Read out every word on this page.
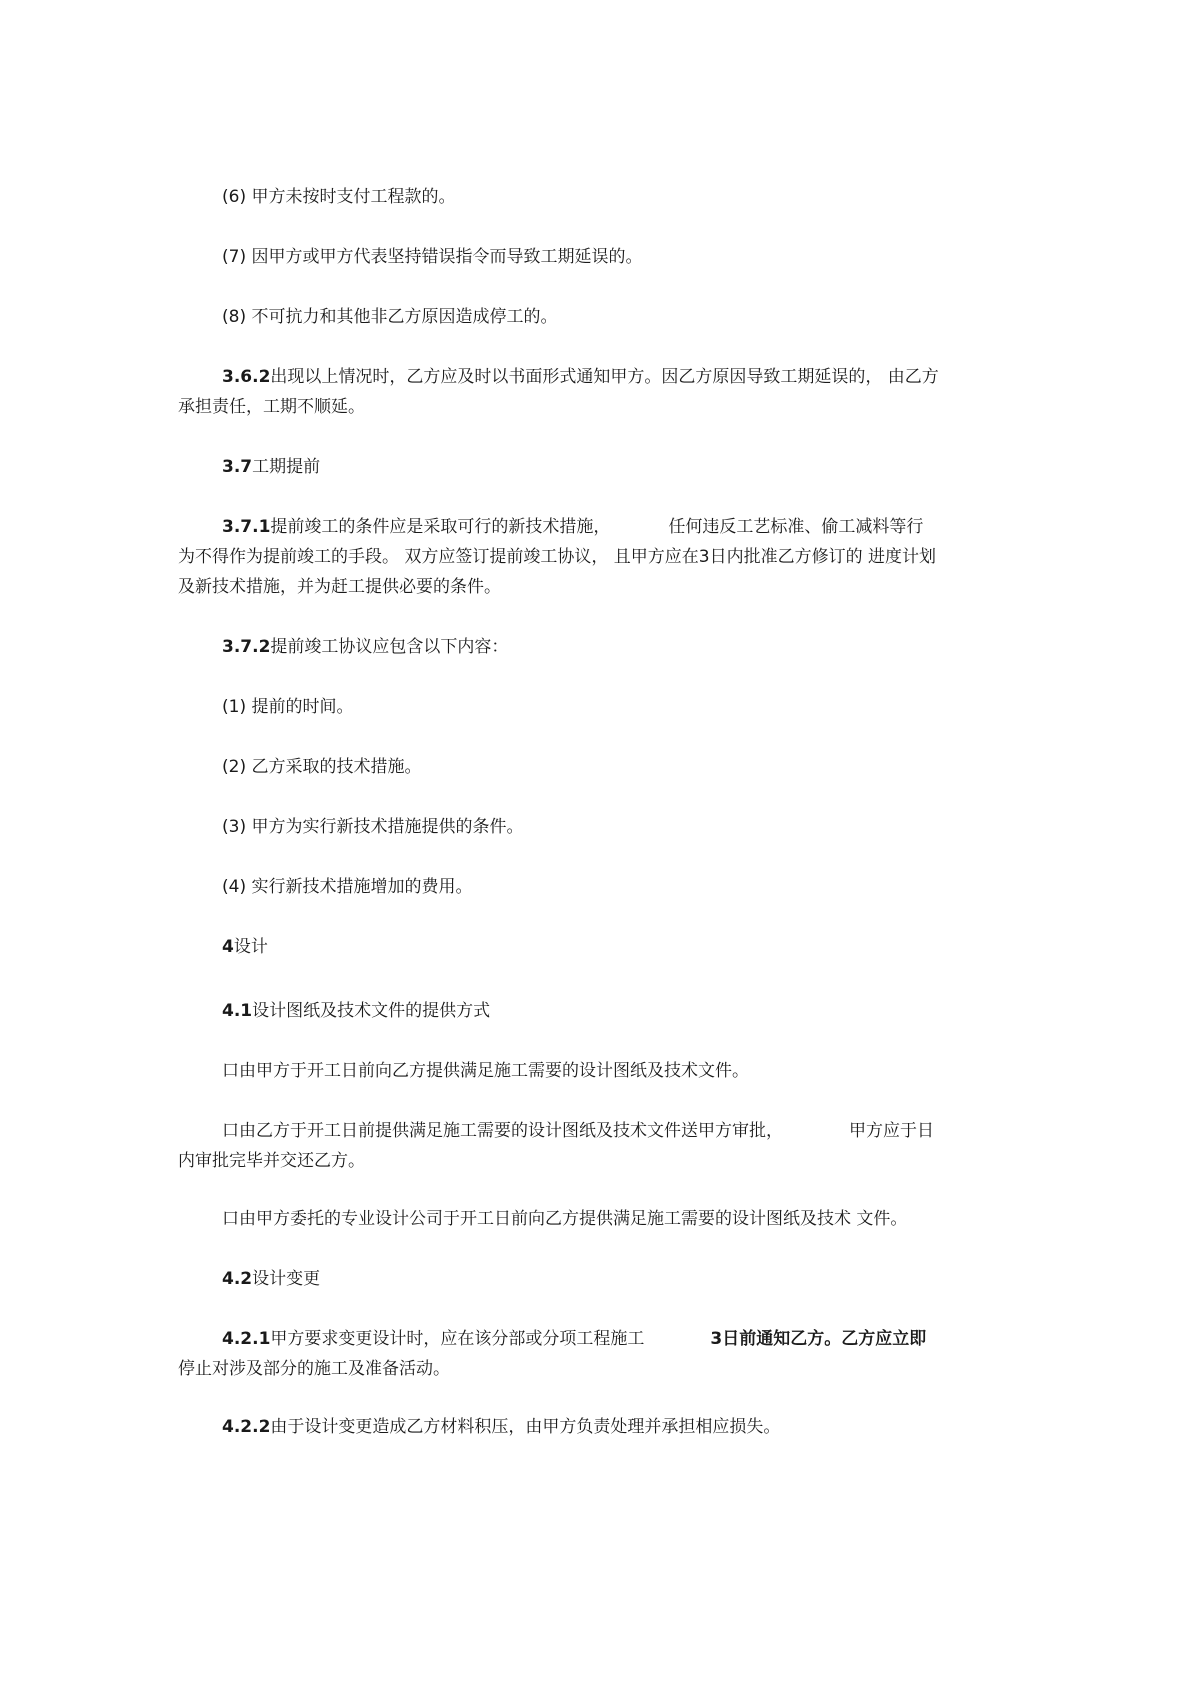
(6) 甲方未按时支付工程款的。
(7) 因甲方或甲方代表坚持错误指令而导致工期延误的。
(8) 不可抗力和其他非乙方原因造成停工的。
3.6.2出现以上情况时，乙方应及时以书面形式通知甲方。因乙方原因导致工期延误的， 由乙方
承担责任，工期不顺延。
3.7工期提前
3.7.1提前竣工的条件应是采取可行的新技术措施，	任何违反工艺标准、偷工减料等行
为不得作为提前竣工的手段。 双方应签订提前竣工协议， 且甲方应在3日内批准乙方修订的 进度计划
及新技术措施，并为赶工提供必要的条件。
3.7.2提前竣工协议应包含以下内容：
(1) 提前的时间。
(2) 乙方采取的技术措施。
(3) 甲方为实行新技术措施提供的条件。
(4) 实行新技术措施增加的费用。
4设计
4.1设计图纸及技术文件的提供方式
口由甲方于开工日前向乙方提供满足施工需要的设计图纸及技术文件。
口由乙方于开工日前提供满足施工需要的设计图纸及技术文件送甲方审批，	甲方应于日
内审批完毕并交还乙方。
口由甲方委托的专业设计公司于开工日前向乙方提供满足施工需要的设计图纸及技术 文件。
4.2设计变更
4.2.1甲方要求变更设计时，应在该分部或分项工程施工	3日前通知乙方。乙方应立即
停止对涉及部分的施工及准备活动。
4.2.2由于设计变更造成乙方材料积压，由甲方负责处理并承担相应损失。
